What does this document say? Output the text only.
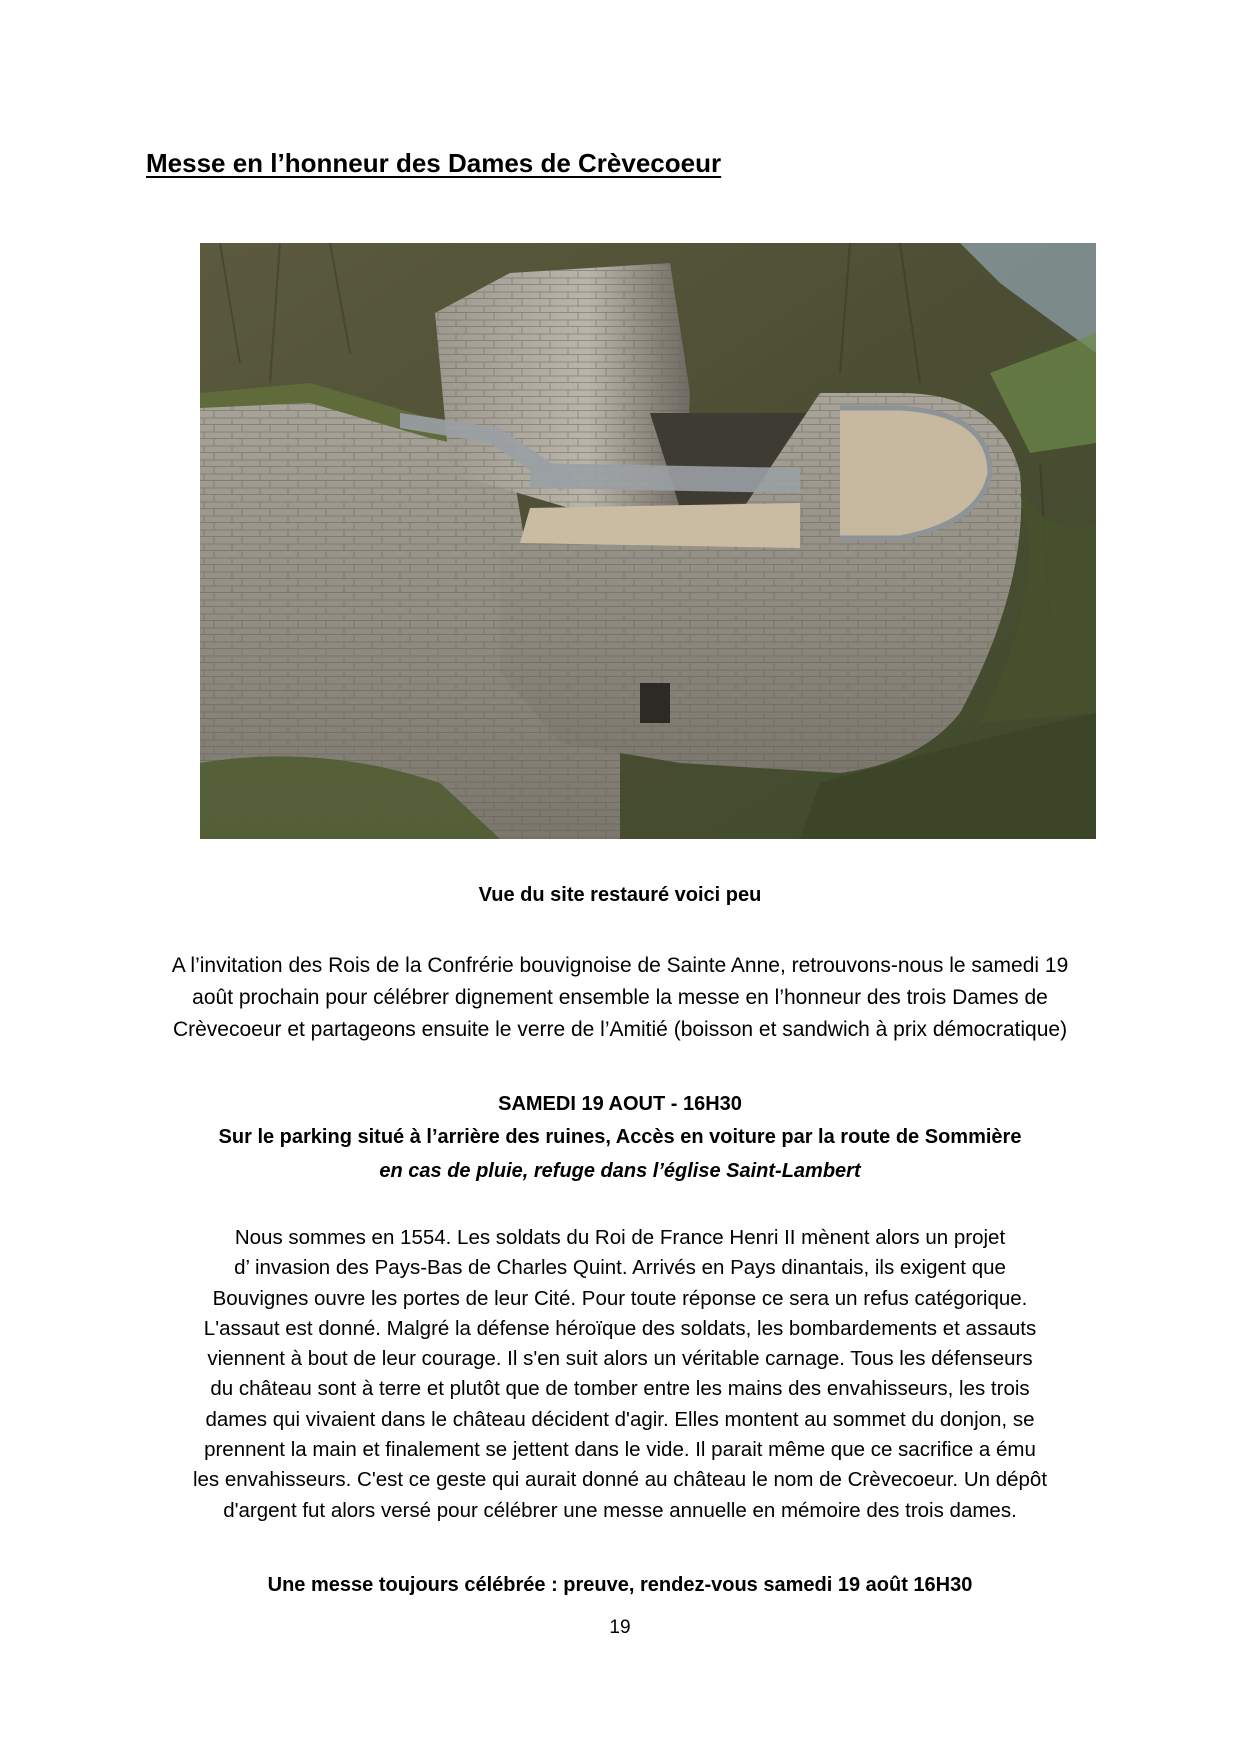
Messe en l’honneur des Dames de Crèvecoeur
Vue du site restauré voici peu
A l’invitation des Rois de la Confrérie bouvignoise de Sainte Anne, retrouvons-nous le samedi 19
août prochain pour célébrer dignement ensemble la messe en l’honneur des trois Dames de
Crèvecoeur et partageons ensuite le verre de l’Amitié (boisson et sandwich à prix démocratique)
SAMEDI 19 AOUT - 16H30
Sur le parking situé à l’arrière des ruines, Accès en voiture par la route de Sommière
en cas de pluie, refuge dans l’église Saint-Lambert
Nous sommes en 1554. Les soldats du Roi de France Henri II mènent alors un projet
d’ invasion des Pays-Bas de Charles Quint. Arrivés en Pays dinantais, ils exigent que
Bouvignes ouvre les portes de leur Cité. Pour toute réponse ce sera un refus catégorique.
L'assaut est donné. Malgré la défense héroïque des soldats, les bombardements et assauts
viennent à bout de leur courage. Il s'en suit alors un véritable carnage. Tous les défenseurs
du château sont à terre et plutôt que de tomber entre les mains des envahisseurs, les trois
dames qui vivaient dans le château décident d'agir. Elles montent au sommet du donjon, se
prennent la main et finalement se jettent dans le vide. Il parait même que ce sacrifice a ému
les envahisseurs. C'est ce geste qui aurait donné au château le nom de Crèvecoeur. Un dépôt
d'argent fut alors versé pour célébrer une messe annuelle en mémoire des trois dames.
Une messe toujours célébrée : preuve, rendez-vous samedi 19 août 16H30
19
